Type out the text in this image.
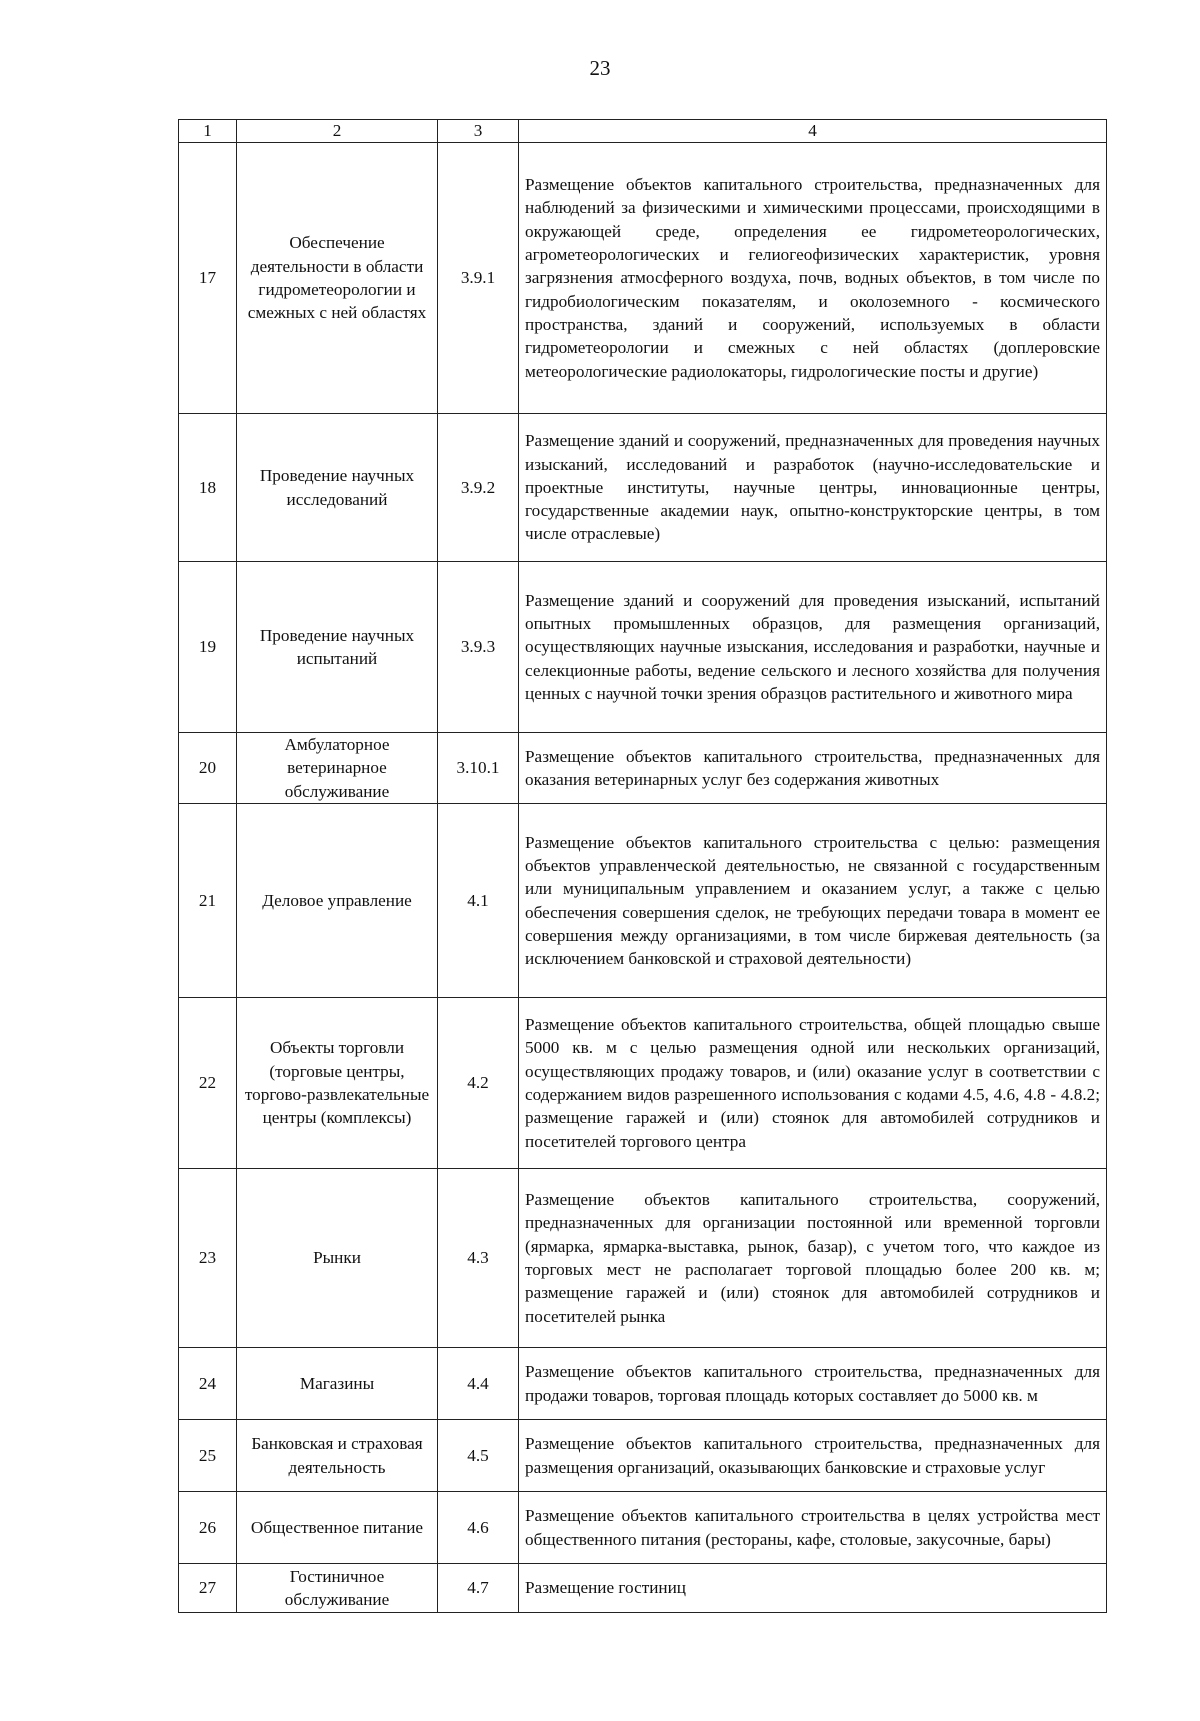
23
1	2	3	4
17	Обеспечение деятельности в области гидрометеорологии и смежных с ней областях	3.9.1	Размещение объектов капитального строительства, предназначенных для наблюдений за физическими и химическими процессами, происходящими в окружающей среде, определения ее гидрометеорологических, агрометеорологических и гелиогеофизических характеристик, уровня загрязнения атмосферного воздуха, почв, водных объектов, в том числе по гидробиологическим показателям, и околоземного - космического пространства, зданий и сооружений, используемых в области гидрометеорологии и смежных с ней областях (доплеровские метеорологические радиолокаторы, гидрологические посты и другие)
18	Проведение научных исследований	3.9.2	Размещение зданий и сооружений, предназначенных для проведения научных изысканий, исследований и разработок (научно-исследовательские и проектные институты, научные центры, инновационные центры, государственные академии наук, опытно-конструкторские центры, в том числе отраслевые)
19	Проведение научных испытаний	3.9.3	Размещение зданий и сооружений для проведения изысканий, испытаний опытных промышленных образцов, для размещения организаций, осуществляющих научные изыскания, исследования и разработки, научные и селекционные работы, ведение сельского и лесного хозяйства для получения ценных с научной точки зрения образцов растительного и животного мира
20	Амбулаторное ветеринарное обслуживание	3.10.1	Размещение объектов капитального строительства, предназначенных для оказания ветеринарных услуг без содержания животных
21	Деловое управление	4.1	Размещение объектов капитального строительства с целью: размещения объектов управленческой деятельностью, не связанной с государственным или муниципальным управлением и оказанием услуг, а также с целью обеспечения совершения сделок, не требующих передачи товара в момент ее совершения между организациями, в том числе биржевая деятельность (за исключением банковской и страховой деятельности)
22	Объекты торговли (торговые центры, торгово-развлекательные центры (комплексы)	4.2	Размещение объектов капитального строительства, общей площадью свыше 5000 кв. м с целью размещения одной или нескольких организаций, осуществляющих продажу товаров, и (или) оказание услуг в соответствии с содержанием видов разрешенного использования с кодами 4.5, 4.6, 4.8 - 4.8.2; размещение гаражей и (или) стоянок для автомобилей сотрудников и посетителей торгового центра
23	Рынки	4.3	Размещение объектов капитального строительства, сооружений, предназначенных для организации постоянной или временной торговли (ярмарка, ярмарка-выставка, рынок, базар), с учетом того, что каждое из торговых мест не располагает торговой площадью более 200 кв. м; размещение гаражей и (или) стоянок для автомобилей сотрудников и посетителей рынка
24	Магазины	4.4	Размещение объектов капитального строительства, предназначенных для продажи товаров, торговая площадь которых составляет до 5000 кв. м
25	Банковская и страховая деятельность	4.5	Размещение объектов капитального строительства, предназначенных для размещения организаций, оказывающих банковские и страховые услуг
26	Общественное питание	4.6	Размещение объектов капитального строительства в целях устройства мест общественного питания (рестораны, кафе, столовые, закусочные, бары)
27	Гостиничное обслуживание	4.7	Размещение гостиниц
